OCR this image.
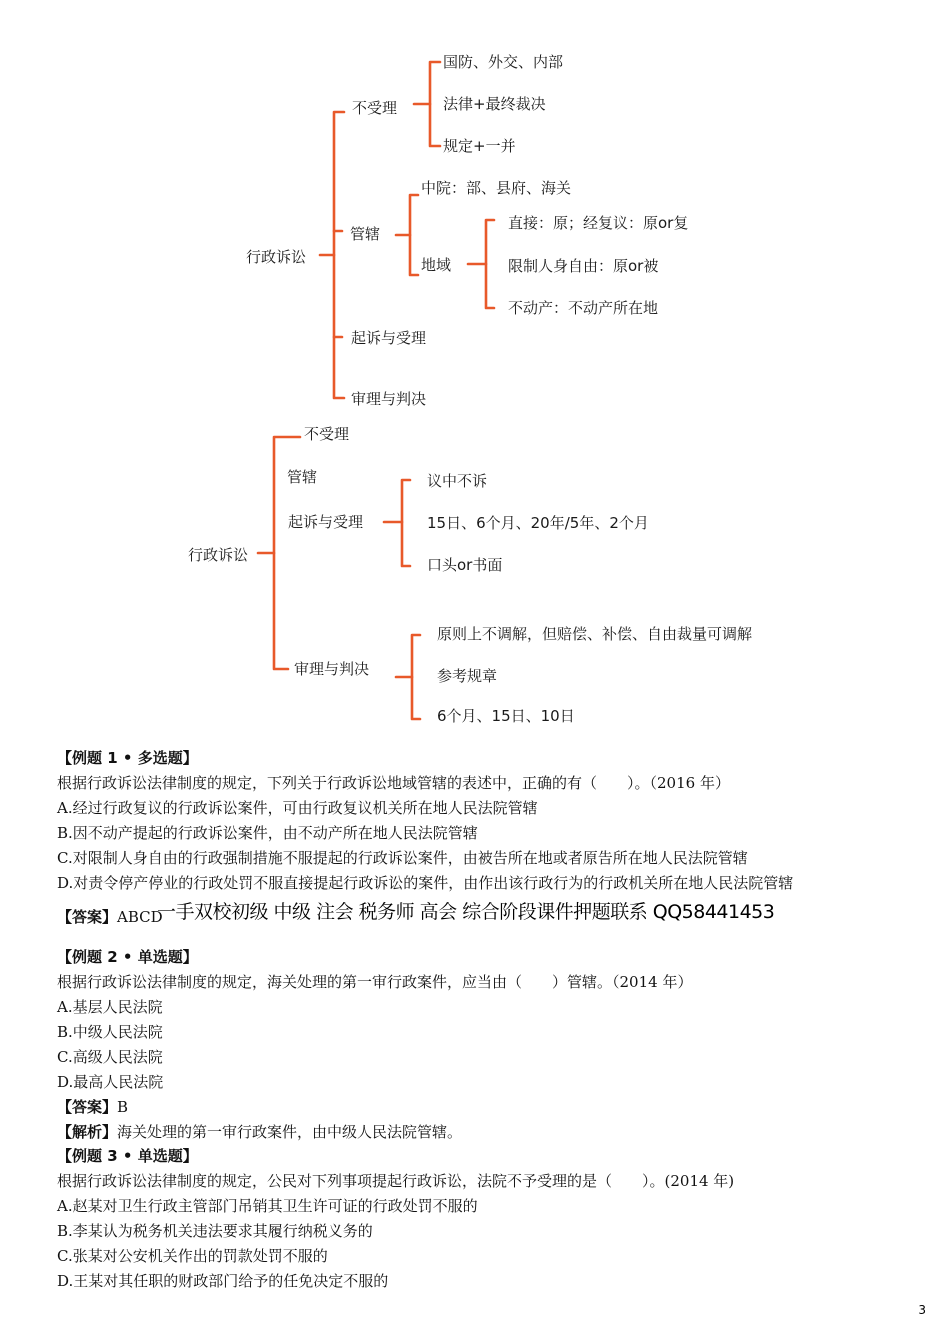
行政诉讼
不受理
国防、外交、内部
法律+最终裁决
规定+一并
管辖
中院：部、县府、海关
地域
直接：原；经复议：原or复
限制人身自由：原or被
不动产：不动产所在地
起诉与受理
审理与判决
行政诉讼
不受理
管辖
起诉与受理
议中不诉
15日、6个月、20年/5年、2个月
口头or书面
审理与判决
原则上不调解，但赔偿、补偿、自由裁量可调解
参考规章
6个月、15日、10日
【例题 1 • 多选题】
根据行政诉讼法律制度的规定，下列关于行政诉讼地域管辖的表述中，正确的有（　　）。（2016 年）
A.经过行政复议的行政诉讼案件，可由行政复议机关所在地人民法院管辖
B.因不动产提起的行政诉讼案件，由不动产所在地人民法院管辖
C.对限制人身自由的行政强制措施不服提起的行政诉讼案件，由被告所在地或者原告所在地人民法院管辖
D.对责令停产停业的行政处罚不服直接提起行政诉讼的案件，由作出该行政行为的行政机关所在地人民法院管辖
【答案】ABCD
一手双校初级 中级 注会 税务师 高会 综合阶段课件押题联系 QQ58441453
【例题 2 • 单选题】
根据行政诉讼法律制度的规定，海关处理的第一审行政案件，应当由（　　）管辖。（2014 年）
A.基层人民法院
B.中级人民法院
C.高级人民法院
D.最高人民法院
【答案】B
【解析】海关处理的第一审行政案件，由中级人民法院管辖。
【例题 3 • 单选题】
根据行政诉讼法律制度的规定，公民对下列事项提起行政诉讼，法院不予受理的是（　　）。(2014 年)
A.赵某对卫生行政主管部门吊销其卫生许可证的行政处罚不服的
B.李某认为税务机关违法要求其履行纳税义务的
C.张某对公安机关作出的罚款处罚不服的
D.王某对其任职的财政部门给予的任免决定不服的
3
